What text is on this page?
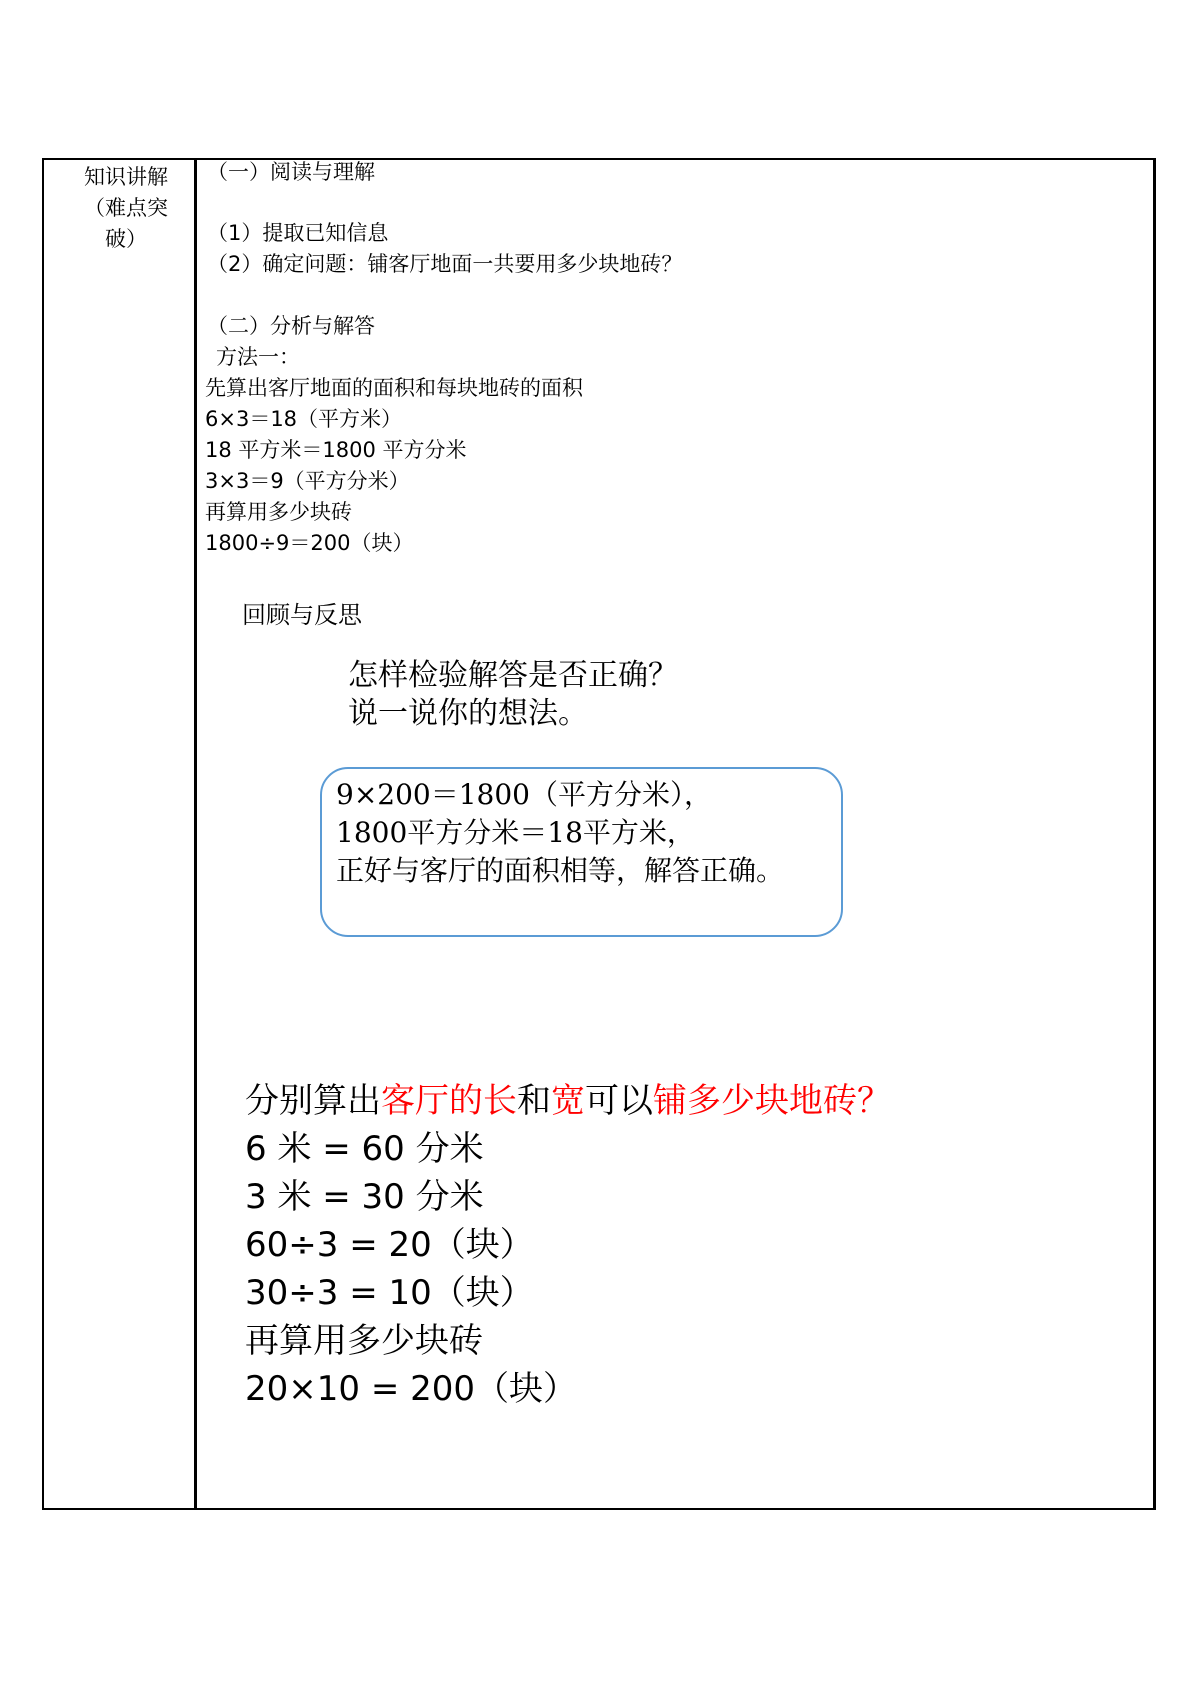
知识讲解
（难点突
破）
（一）阅读与理解
（1）提取已知信息
（2）确定问题：铺客厅地面一共要用多少块地砖？
（二）分析与解答
方法一：
先算出客厅地面的面积和每块地砖的面积
6×3＝18（平方米）
18 平方米＝1800 平方分米
3×3＝9（平方分米）
再算用多少块砖
1800÷9＝200（块）
回顾与反思
怎样检验解答是否正确？
说一说你的想法。
9×200＝1800（平方分米），
1800平方分米＝18平方米，
正好与客厅的面积相等，解答正确。
分别算出客厅的长和宽可以铺多少块地砖？
6 米 = 60 分米
3 米 = 30 分米
60÷3 = 20（块）
30÷3 = 10（块）
再算用多少块砖
20×10 = 200（块）
